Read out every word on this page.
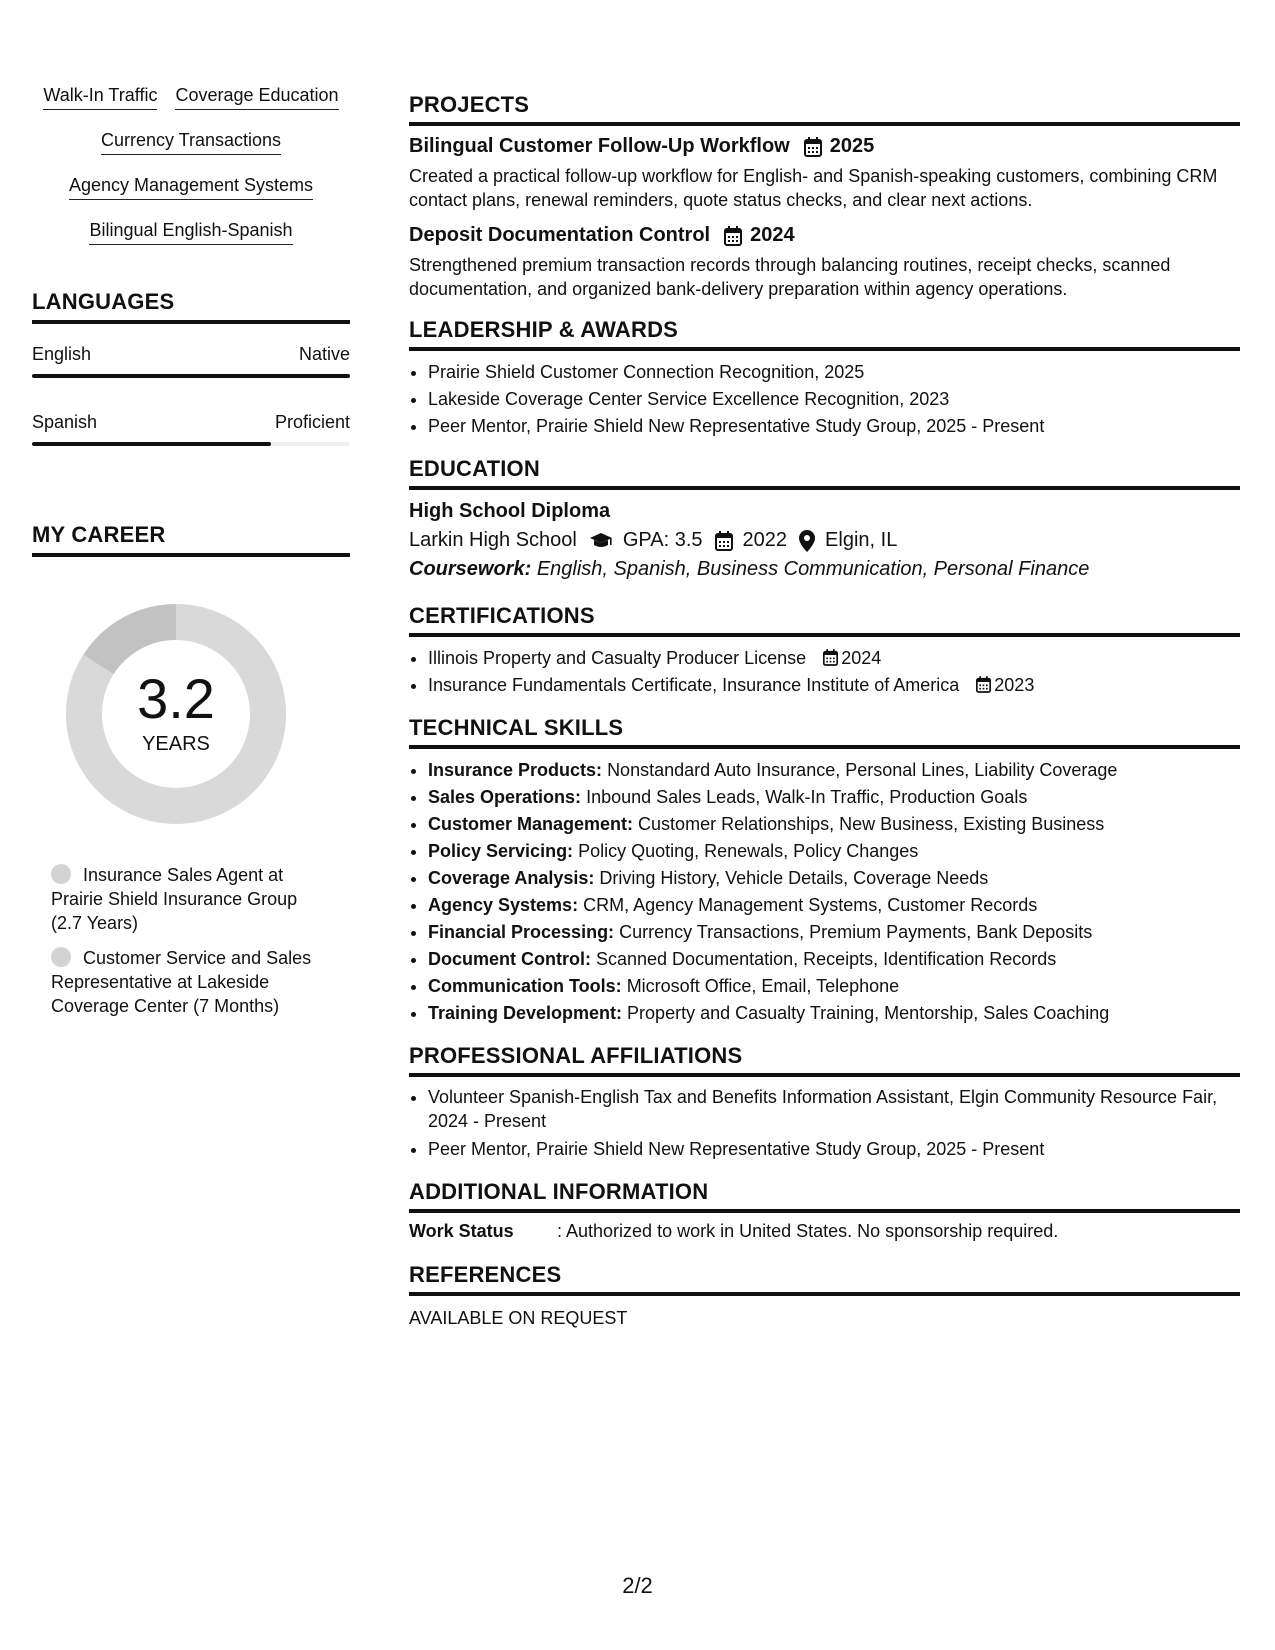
Walk-In Traffic Coverage Education
Currency Transactions
Agency Management Systems
Bilingual English-Spanish
LANGUAGES
English	Native
Spanish	Proficient
MY CAREER
3.2
YEARS
Insurance Sales Agent at Prairie Shield Insurance Group (2.7 Years)
Customer Service and Sales Representative at Lakeside Coverage Center (7 Months)
PROJECTS
Bilingual Customer Follow-Up Workflow 2025
Created a practical follow-up workflow for English- and Spanish-speaking customers, combining CRM contact plans, renewal reminders, quote status checks, and clear next actions.
Deposit Documentation Control 2024
Strengthened premium transaction records through balancing routines, receipt checks, scanned documentation, and organized bank-delivery preparation within agency operations.
LEADERSHIP & AWARDS
• Prairie Shield Customer Connection Recognition, 2025
• Lakeside Coverage Center Service Excellence Recognition, 2023
• Peer Mentor, Prairie Shield New Representative Study Group, 2025 - Present
EDUCATION
High School Diploma
Larkin High School GPA: 3.5 2022 Elgin, IL
Coursework: English, Spanish, Business Communication, Personal Finance
CERTIFICATIONS
• Illinois Property and Casualty Producer License 2024
• Insurance Fundamentals Certificate, Insurance Institute of America 2023
TECHNICAL SKILLS
• Insurance Products: Nonstandard Auto Insurance, Personal Lines, Liability Coverage
• Sales Operations: Inbound Sales Leads, Walk-In Traffic, Production Goals
• Customer Management: Customer Relationships, New Business, Existing Business
• Policy Servicing: Policy Quoting, Renewals, Policy Changes
• Coverage Analysis: Driving History, Vehicle Details, Coverage Needs
• Agency Systems: CRM, Agency Management Systems, Customer Records
• Financial Processing: Currency Transactions, Premium Payments, Bank Deposits
• Document Control: Scanned Documentation, Receipts, Identification Records
• Communication Tools: Microsoft Office, Email, Telephone
• Training Development: Property and Casualty Training, Mentorship, Sales Coaching
PROFESSIONAL AFFILIATIONS
• Volunteer Spanish-English Tax and Benefits Information Assistant, Elgin Community Resource Fair, 2024 - Present
• Peer Mentor, Prairie Shield New Representative Study Group, 2025 - Present
ADDITIONAL INFORMATION
Work Status	: Authorized to work in United States. No sponsorship required.
REFERENCES
AVAILABLE ON REQUEST
2/2
